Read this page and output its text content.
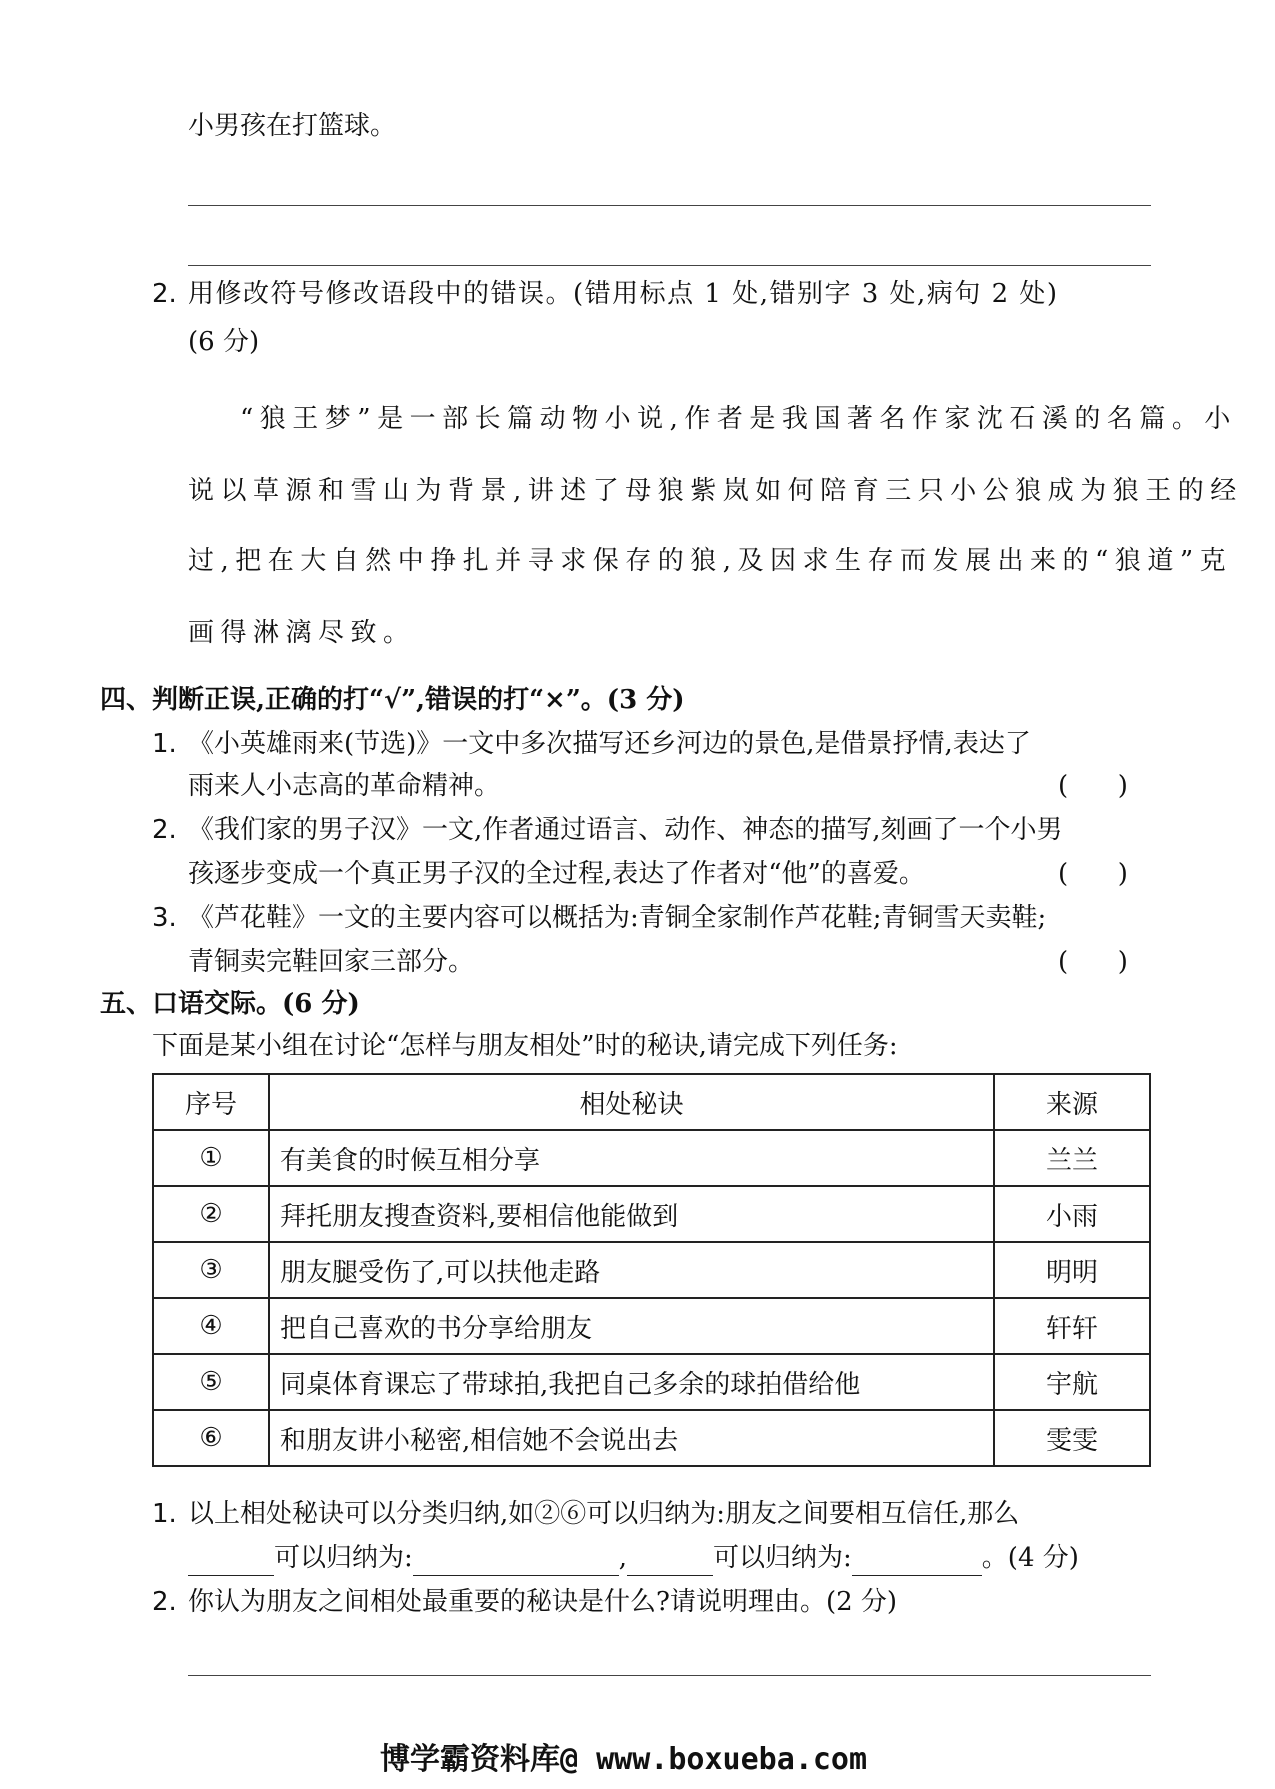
小男孩在打篮球。
2. 用修改符号修改语段中的错误。(错用标点 1 处,错别字 3 处,病句 2 处)
(6 分)
“狼王梦”是一部长篇动物小说,作者是我国著名作家沈石溪的名篇。小
说以草源和雪山为背景,讲述了母狼紫岚如何陪育三只小公狼成为狼王的经
过,把在大自然中挣扎并寻求保存的狼,及因求生存而发展出来的“狼道”克
画得淋漓尽致。
四、判断正误,正确的打“√”,错误的打“×”。(3 分)
1. 《小英雄雨来(节选)》一文中多次描写还乡河边的景色,是借景抒情,表达了
雨来人小志高的革命精神。	(      )
2. 《我们家的男子汉》一文,作者通过语言、动作、神态的描写,刻画了一个小男
孩逐步变成一个真正男子汉的全过程,表达了作者对“他”的喜爱。	(      )
3. 《芦花鞋》一文的主要内容可以概括为:青铜全家制作芦花鞋;青铜雪天卖鞋;
青铜卖完鞋回家三部分。	(      )
五、口语交际。(6 分)
下面是某小组在讨论“怎样与朋友相处”时的秘诀,请完成下列任务:
序号	相处秘诀	来源
①	有美食的时候互相分享	兰兰
②	拜托朋友搜查资料,要相信他能做到	小雨
③	朋友腿受伤了,可以扶他走路	明明
④	把自己喜欢的书分享给朋友	轩轩
⑤	同桌体育课忘了带球拍,我把自己多余的球拍借给他	宇航
⑥	和朋友讲小秘密,相信她不会说出去	雯雯
1. 以上相处秘诀可以分类归纳,如②⑥可以归纳为:朋友之间要相互信任,那么
可以归纳为:	,	可以归纳为:	。(4 分)
2. 你认为朋友之间相处最重要的秘诀是什么?请说明理由。(2 分)
博学霸资料库@ www.boxueba.com
